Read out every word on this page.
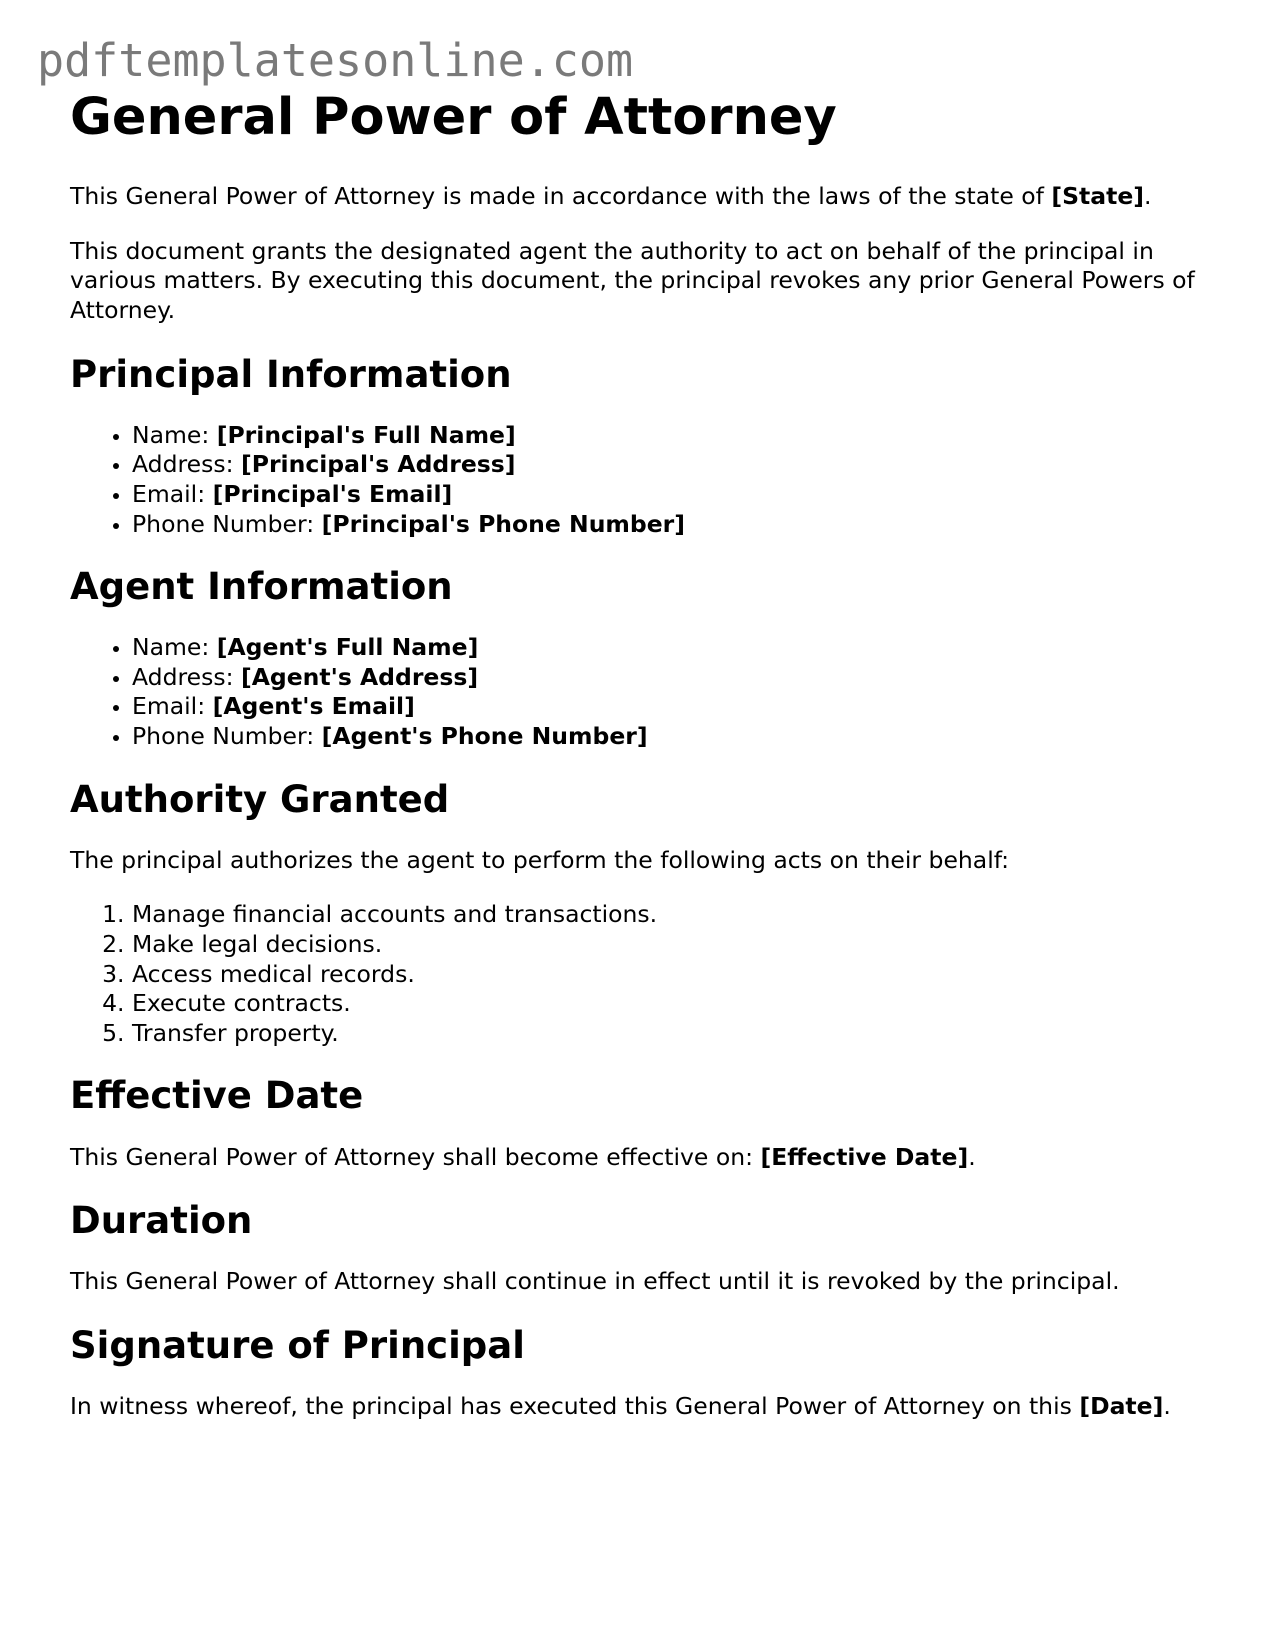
pdftemplatesonline.com
General Power of Attorney

This General Power of Attorney is made in accordance with the laws of the state of [State].

This document grants the designated agent the authority to act on behalf of the principal in various matters. By executing this document, the principal revokes any prior General Powers of Attorney.

Principal Information
• Name: [Principal's Full Name]
• Address: [Principal's Address]
• Email: [Principal's Email]
• Phone Number: [Principal's Phone Number]
Agent Information
• Name: [Agent's Full Name]
• Address: [Agent's Address]
• Email: [Agent's Email]
• Phone Number: [Agent's Phone Number]
Authority Granted

The principal authorizes the agent to perform the following acts on their behalf:

1. Manage financial accounts and transactions.
2. Make legal decisions.
3. Access medical records.
4. Execute contracts.
5. Transfer property.
Effective Date

This General Power of Attorney shall become effective on: [Effective Date].

Duration

This General Power of Attorney shall continue in effect until it is revoked by the principal.

Signature of Principal

In witness whereof, the principal has executed this General Power of Attorney on this [Date].
